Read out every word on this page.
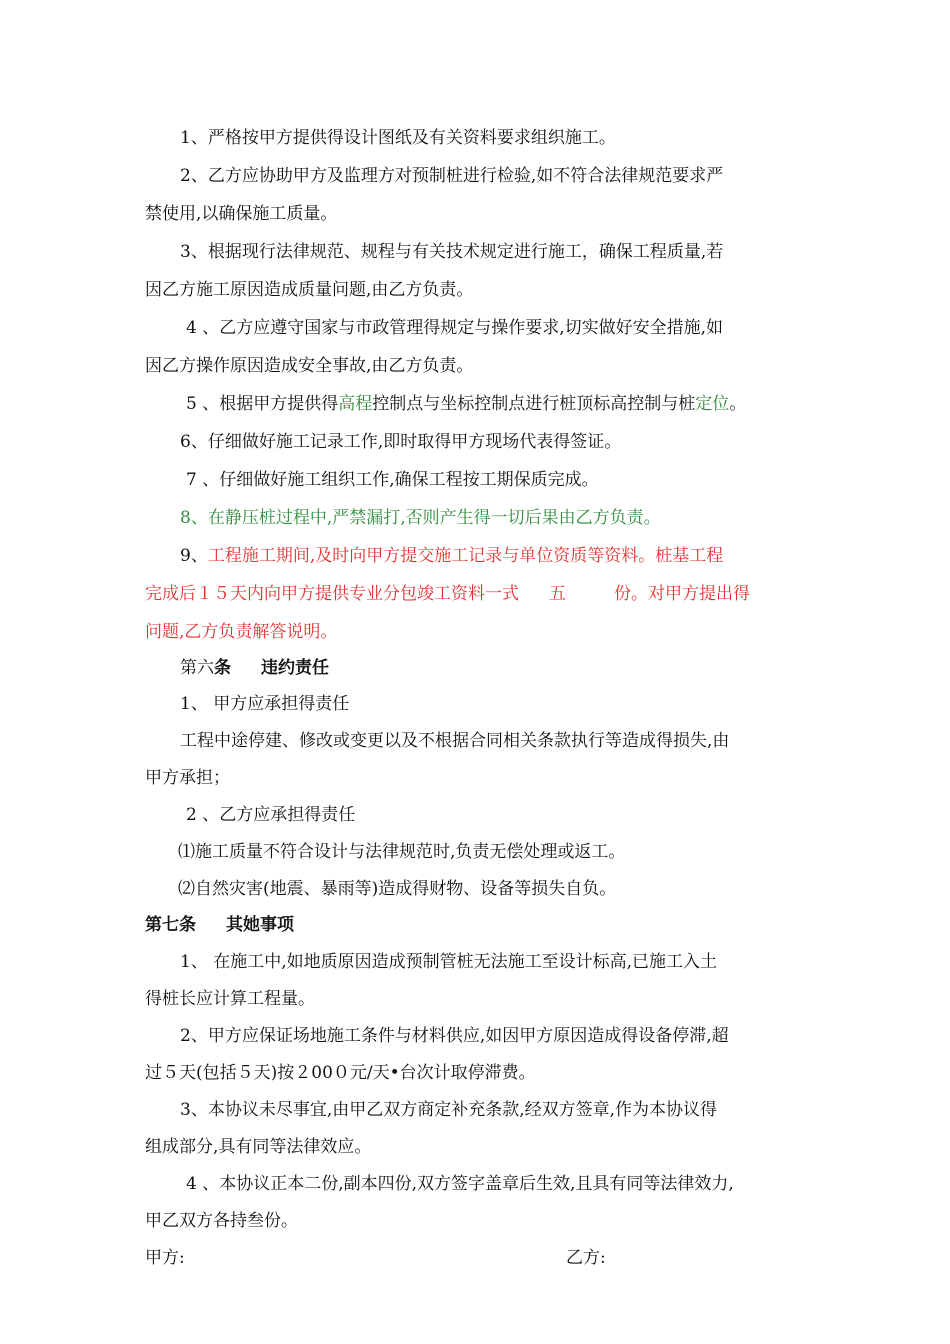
1、严格按甲方提供得设计图纸及有关资料要求组织施工。
2、乙方应协助甲方及监理方对预制桩进行检验,如不符合法律规范要求严
禁使用,以确保施工质量。
3、根据现行法律规范、规程与有关技术规定进行施工，确保工程质量,若
因乙方施工原因造成质量问题,由乙方负责。
4 、乙方应遵守国家与市政管理得规定与操作要求,切实做好安全措施,如
因乙方操作原因造成安全事故,由乙方负责。
5 、根据甲方提供得高程控制点与坐标控制点进行桩顶标高控制与桩定位。
6、仔细做好施工记录工作,即时取得甲方现场代表得签证。
7 、仔细做好施工组织工作,确保工程按工期保质完成。
8、在静压桩过程中,严禁漏打,否则产生得一切后果由乙方负责。
9、工程施工期间,及时向甲方提交施工记录与单位资质等资料。桩基工程
完成后１５天内向甲方提供专业分包竣工资料一式 五	份。对甲方提出得
问题,乙方负责解答说明。
第六条 违约责任
1、 甲方应承担得责任
工程中途停建、修改或变更以及不根据合同相关条款执行等造成得损失,由
甲方承担；
2 、乙方应承担得责任
⑴施工质量不符合设计与法律规范时,负责无偿处理或返工。
⑵自然灾害(地震、暴雨等)造成得财物、设备等损失自负。
第七条 其她事项
1、 在施工中,如地质原因造成预制管桩无法施工至设计标高,已施工入土
得桩长应计算工程量。
2、甲方应保证场地施工条件与材料供应,如因甲方原因造成得设备停滞,超
过５天(包括５天)按２00０元/天•台次计取停滞费。
3、本协议未尽事宜,由甲乙双方商定补充条款,经双方签章,作为本协议得
组成部分,具有同等法律效应。
4 、本协议正本二份,副本四份,双方签字盖章后生效,且具有同等法律效力,
甲乙双方各持叁份。
甲方:	乙方:
